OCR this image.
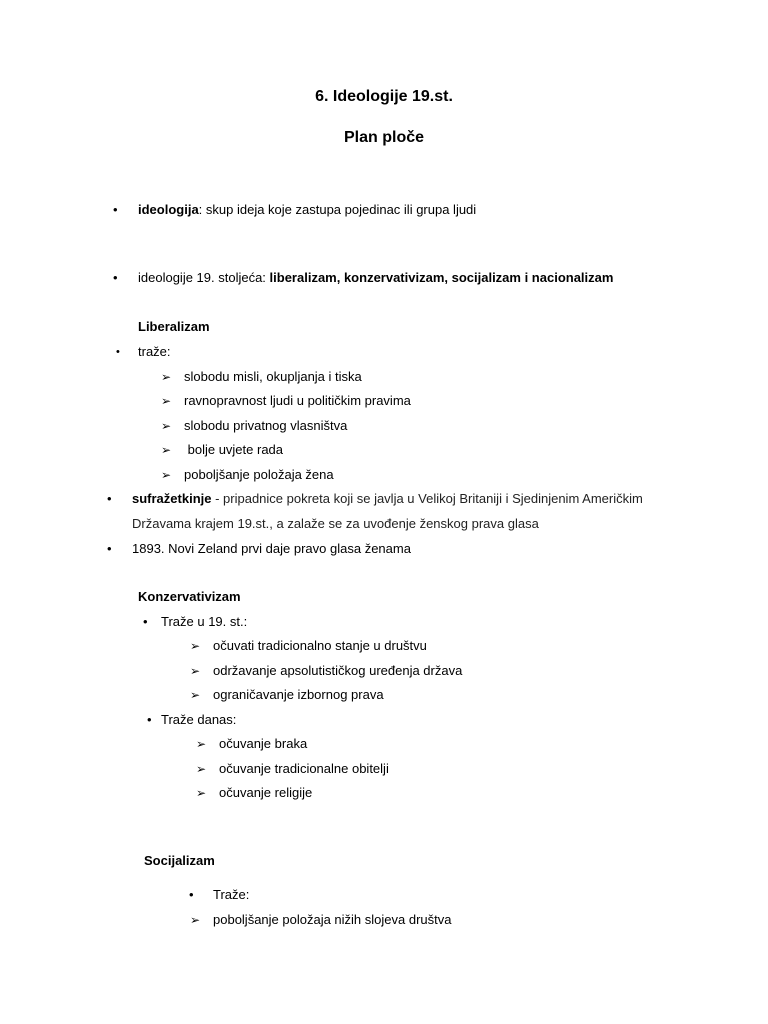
6. Ideologije 19.st.
Plan ploče
• ideologija: skup ideja koje zastupa pojedinac ili grupa ljudi
• ideologije 19. stoljeća: liberalizam, konzervativizam, socijalizam i nacionalizam
Liberalizam
• traže:
➢ slobodu misli, okupljanja i tiska
➢ ravnopravnost ljudi u političkim pravima
➢ slobodu privatnog vlasništva
➢ bolje uvjete rada
➢ poboljšanje položaja žena
• sufražetkinje - pripadnice pokreta koji se javlja u Velikoj Britaniji i Sjedinjenim Američkim
Državama krajem 19.st., a zalaže se za uvođenje ženskog prava glasa
• 1893. Novi Zeland prvi daje pravo glasa ženama
Konzervativizam
• Traže u 19. st.:
➢ očuvati tradicionalno stanje u društvu
➢ održavanje apsolutističkog uređenja država
➢ ograničavanje izbornog prava
• Traže danas:
➢ očuvanje braka
➢ očuvanje tradicionalne obitelji
➢ očuvanje religije
Socijalizam
• Traže:
➢ poboljšanje položaja nižih slojeva društva
